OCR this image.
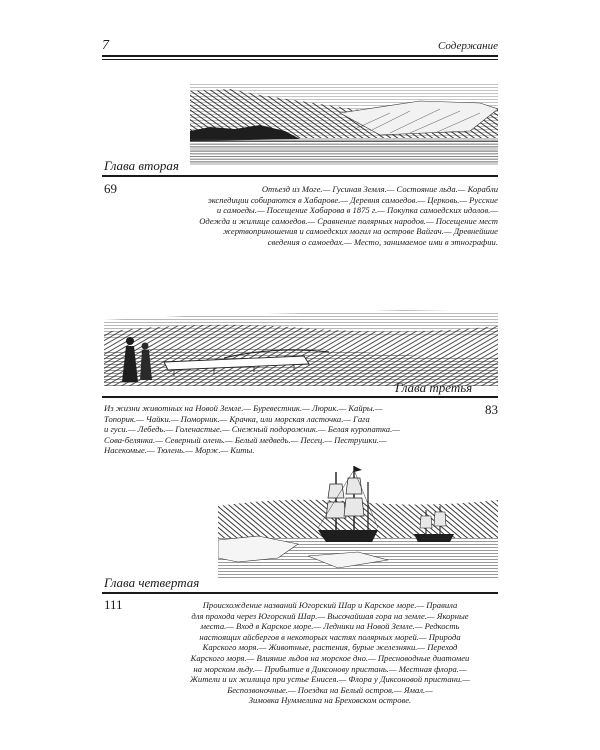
7	Содержание
Глава вторая
69	Отъезд из Моге.— Гусиная Земля.— Состояние льда.— Корабли
экспедиции собираются в Хабарове.— Деревня самоедов.— Церковь.— Русские
и самоеды.— Посещение Хабарова в 1875 г.— Покупка самоедских идолов.—
Одежда и жилище самоедов.— Сравнение полярных народов.— Посещение мест
жертвоприношения и самоедских могил на острове Вайгач.— Древнейшие
сведения о самоедах.— Место, занимаемое ими в этнографии.
Глава третья
83
Из жизни животных на Новой Земле.— Буревестник.— Люрик.— Кайры.—
Топорик.— Чайки.— Поморник.— Крачка, или морская ласточка.— Гага
и гуси.— Лебедь.— Голенастые.— Снежный подорожник.— Белая куропатка.—
Сова-белянка.— Северный олень.— Белый медведь.— Песец.— Пеструшки.—
Насекомые.— Тюлень.— Морж.— Киты.
Глава четвертая
111	Происхождение названий Югорский Шар и Карское море.— Правила
для прохода через Югорский Шар.— Высочайшая гора на земле.— Якорные
места.— Вход в Карское море.— Ледники на Новой Земле.— Редкость
настоящих айсбергов в некоторых частях полярных морей.— Природа
Карского моря.— Животные, растения, бурые железняки.— Переход
Карского моря.— Влияние льдов на морское дно.— Пресноводные диатомеи
на морском льду.— Прибытие в Диксонову пристань.— Местная флора.—
Жители и их жилища при устье Енисея.— Флора у Диксоновой пристани.—
Беспозвоночные.— Поездка на Белый остров.— Ямал.—
Зимовка Нуммелина на Бреховском острове.
